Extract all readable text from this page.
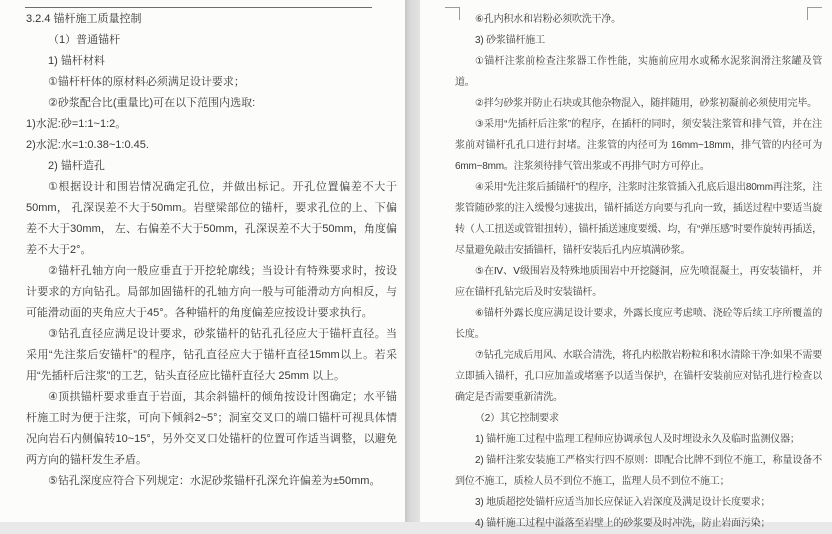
3.2.4 锚杆施工质量控制

（1）普通锚杆

1) 锚杆材料

①锚杆杆体的原材料必须满足设计要求；

②砂浆配合比(重量比)可在以下范围内选取:

1)水泥:砂=1:1~1:2。

2)水泥:水=1:0.38~1:0.45.

2) 锚杆造孔

①根据设计和围岩情况确定孔位，并做出标记。开孔位置偏差不大于50mm， 孔深误差不大于50mm。岩壁梁部位的锚杆，要求孔位的上、下偏差不大于30mm， 左、右偏差不大于50mm，孔深误差不大于50mm，角度偏差不大于2°。

②锚杆孔轴方向一般应垂直于开挖轮廓线；当设计有特殊要求时，按设计要求的方向钻孔。局部加固锚杆的孔轴方向一般与可能滑动方向相反，与可能滑动面的夹角应大于45°。各种锚杆的角度偏差应按设计要求执行。

③钻孔直径应满足设计要求，砂浆锚杆的钻孔孔径应大于锚杆直径。当采用“先注浆后安锚杆”的程序，钻孔直径应大于锚杆直径15mm以上。若采用“先插杆后注浆”的工艺，钻头直径应比锚杆直径大 25mm 以上。

④顶拱锚杆要求垂直于岩面，其余斜锚杆的倾角按设计图确定；水平锚杆施工时为便于注浆，可向下倾斜2~5°；洞室交叉口的端口锚杆可视具体情况向岩石内侧偏转10~15°，另外交叉口处锚杆的位置可作适当调整，以避免两方向的锚杆发生矛盾。

⑤钻孔深度应符合下列规定：水泥砂浆锚杆孔深允许偏差为±50mm。

⑥孔内积水和岩粉必须吹洗干净。

3) 砂浆锚杆施工

①锚杆注浆前检查注浆器工作性能，实施前应用水或稀水泥浆润滑注浆罐及管道。

②拌匀砂浆并防止石块或其他杂物混入，随拌随用，砂浆初凝前必须使用完毕。

③采用“先插杆后注浆”的程序，在插杆的同时，须安装注浆管和排气管，并在注浆前对锚杆孔孔口进行封堵。注浆管的内径可为 16mm~18mm，排气管的内径可为6mm~8mm。注浆须待排气管出浆或不再排气时方可停止。

④采用“先注浆后插锚杆”的程序，注浆时注浆管插入孔底后退出80mm再注浆，注浆管随砂浆的注入缓慢匀速拔出，锚杆插送方向要与孔向一致，插送过程中要适当旋转（人工扭送或管钳扭转），锚杆插送速度要缓、均，有“弹压感”时要作旋转再插送，尽量避免敲击安插锚杆，锚杆安装后孔内应填满砂浆。

⑤在Ⅳ、Ⅴ级围岩及特殊地质围岩中开挖隧洞，应先喷混凝土，再安装锚杆， 并应在锚杆孔钻完后及时安装锚杆。

⑥锚杆外露长度应满足设计要求，外露长度应考虑喷、浇砼等后续工序所覆盖的长度。

⑦钻孔完成后用风、水联合清洗，将孔内松散岩粉粒和积水清除干净:如果不需要立即插入锚杆，孔口应加盖或堵塞予以适当保护，在锚杆安装前应对钻孔进行检查以确定是否需要重新清洗。

（2）其它控制要求

1) 锚杆施工过程中监理工程师应协调承包人及时埋设永久及临时监测仪器；

2) 锚杆注浆安装施工严格实行四不原则：即配合比牌不到位不施工，称量设备不到位不施工，质检人员不到位不施工，监理人员不到位不施工；

3) 地质超挖处锚杆应适当加长应保证入岩深度及满足设计长度要求；

4) 锚杆施工过程中溢落至岩壁上的砂浆要及时冲洗，防止岩面污染；
